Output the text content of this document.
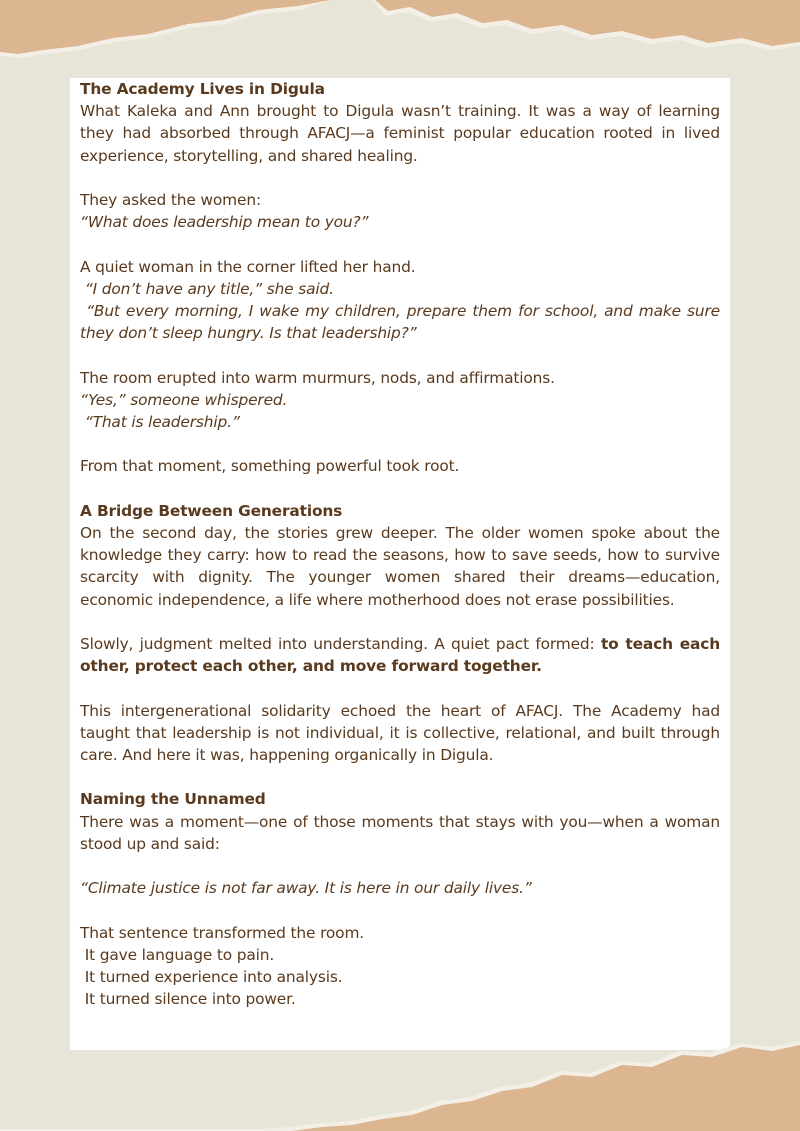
The Academy Lives in Digula

What Kaleka and Ann brought to Digula wasn’t training. It was a way of learning they had absorbed through AFACJ—a feminist popular education rooted in lived experience, storytelling, and shared healing.

They asked the women:

“What does leadership mean to you?”

A quiet woman in the corner lifted her hand.

“I don’t have any title,” she said.

“But every morning, I wake my children, prepare them for school, and make sure they don’t sleep hungry. Is that leadership?”

The room erupted into warm murmurs, nods, and affirmations.

“Yes,” someone whispered.

“That is leadership.”

From that moment, something powerful took root.

A Bridge Between Generations

On the second day, the stories grew deeper. The older women spoke about the knowledge they carry: how to read the seasons, how to save seeds, how to survive scarcity with dignity. The younger women shared their dreams—education, economic independence, a life where motherhood does not erase possibilities.

Slowly, judgment melted into understanding. A quiet pact formed: to teach each other, protect each other, and move forward together.

This intergenerational solidarity echoed the heart of AFACJ. The Academy had taught that leadership is not individual, it is collective, relational, and built through care. And here it was, happening organically in Digula.

Naming the Unnamed

There was a moment—one of those moments that stays with you—when a woman stood up and said:

“Climate justice is not far away. It is here in our daily lives.”

That sentence transformed the room.

It gave language to pain.

It turned experience into analysis.

It turned silence into power.
